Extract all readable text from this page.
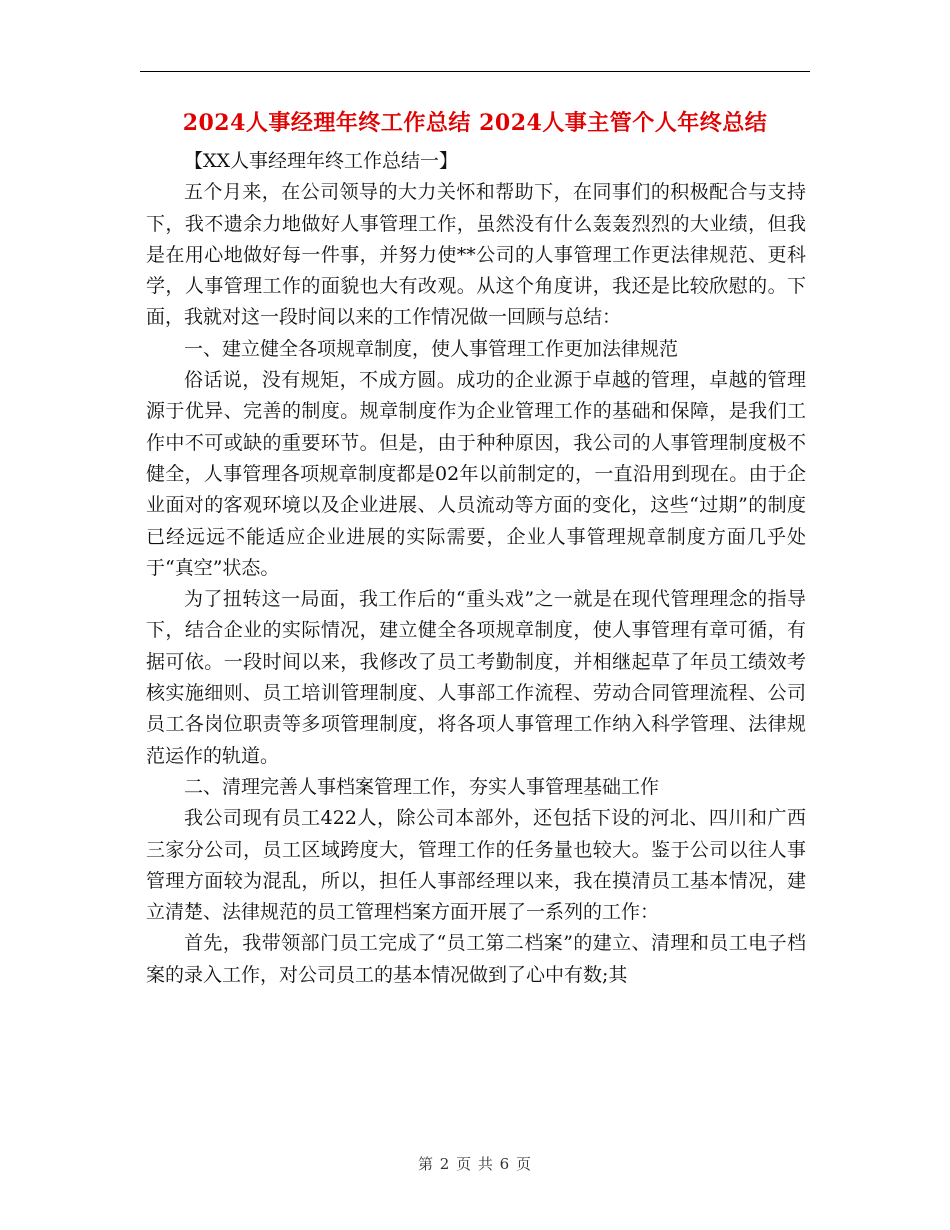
2024人事经理年终工作总结 2024人事主管个人年终总结

【XX人事经理年终工作总结一】

五个月来，在公司领导的大力关怀和帮助下，在同事们的积极配合与支持下，我不遗余力地做好人事管理工作，虽然没有什么轰轰烈烈的大业绩，但我是在用心地做好每一件事，并努力使**公司的人事管理工作更法律规范、更科学，人事管理工作的面貌也大有改观。从这个角度讲，我还是比较欣慰的。下面，我就对这一段时间以来的工作情况做一回顾与总结：

一、建立健全各项规章制度，使人事管理工作更加法律规范

俗话说，没有规矩，不成方圆。成功的企业源于卓越的管理，卓越的管理源于优异、完善的制度。规章制度作为企业管理工作的基础和保障，是我们工作中不可或缺的重要环节。但是，由于种种原因，我公司的人事管理制度极不健全，人事管理各项规章制度都是02年以前制定的，一直沿用到现在。由于企业面对的客观环境以及企业进展、人员流动等方面的变化，这些“过期”的制度已经远远不能适应企业进展的实际需要，企业人事管理规章制度方面几乎处于“真空”状态。

为了扭转这一局面，我工作后的“重头戏”之一就是在现代管理理念的指导下，结合企业的实际情况，建立健全各项规章制度，使人事管理有章可循，有据可依。一段时间以来，我修改了员工考勤制度，并相继起草了年员工绩效考核实施细则、员工培训管理制度、人事部工作流程、劳动合同管理流程、公司员工各岗位职责等多项管理制度，将各项人事管理工作纳入科学管理、法律规范运作的轨道。

二、清理完善人事档案管理工作，夯实人事管理基础工作

我公司现有员工422人，除公司本部外，还包括下设的河北、四川和广西三家分公司，员工区域跨度大，管理工作的任务量也较大。鉴于公司以往人事管理方面较为混乱，所以，担任人事部经理以来，我在摸清员工基本情况，建立清楚、法律规范的员工管理档案方面开展了一系列的工作：

首先，我带领部门员工完成了“员工第二档案”的建立、清理和员工电子档案的录入工作，对公司员工的基本情况做到了心中有数;其

第 2 页 共 6 页
